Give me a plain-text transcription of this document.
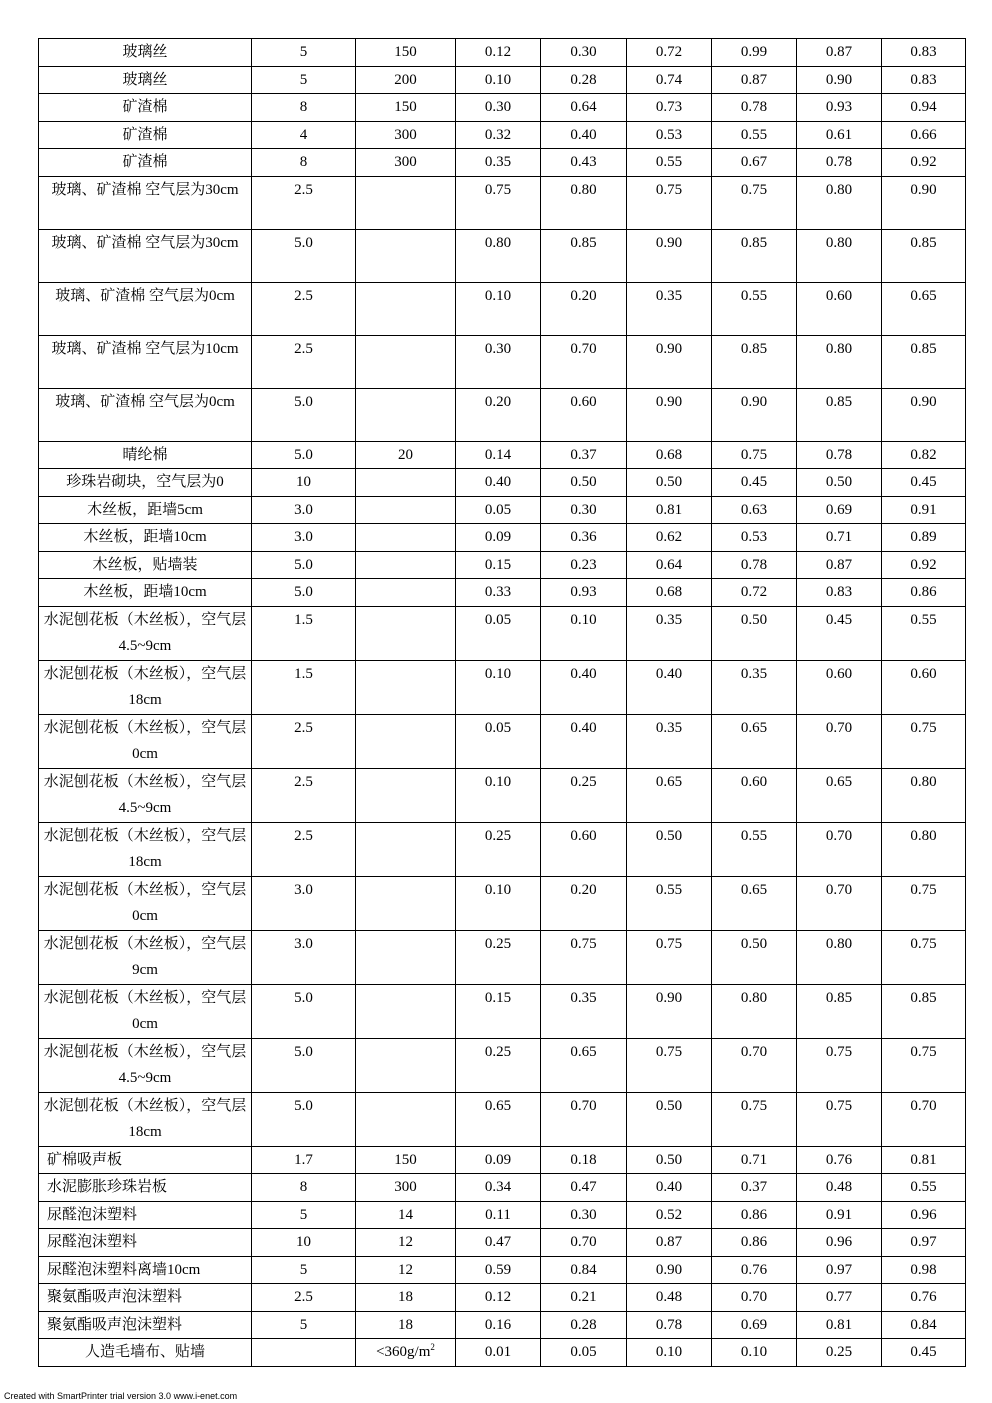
玻璃丝	5	150	0.12	0.30	0.72	0.99	0.87	0.83
玻璃丝	5	200	0.10	0.28	0.74	0.87	0.90	0.83
矿渣棉	8	150	0.30	0.64	0.73	0.78	0.93	0.94
矿渣棉	4	300	0.32	0.40	0.53	0.55	0.61	0.66
矿渣棉	8	300	0.35	0.43	0.55	0.67	0.78	0.92
玻璃、矿渣棉 空气层为30cm	2.5		0.75	0.80	0.75	0.75	0.80	0.90
玻璃、矿渣棉 空气层为30cm	5.0		0.80	0.85	0.90	0.85	0.80	0.85
玻璃、矿渣棉 空气层为0cm	2.5		0.10	0.20	0.35	0.55	0.60	0.65
玻璃、矿渣棉 空气层为10cm	2.5		0.30	0.70	0.90	0.85	0.80	0.85
玻璃、矿渣棉 空气层为0cm	5.0		0.20	0.60	0.90	0.90	0.85	0.90
晴纶棉	5.0	20	0.14	0.37	0.68	0.75	0.78	0.82
珍珠岩砌块，空气层为0	10		0.40	0.50	0.50	0.45	0.50	0.45
木丝板，距墙5cm	3.0		0.05	0.30	0.81	0.63	0.69	0.91
木丝板，距墙10cm	3.0		0.09	0.36	0.62	0.53	0.71	0.89
木丝板，贴墙装	5.0		0.15	0.23	0.64	0.78	0.87	0.92
木丝板，距墙10cm	5.0		0.33	0.93	0.68	0.72	0.83	0.86
水泥刨花板（木丝板），空气层4.5~9cm	1.5		0.05	0.10	0.35	0.50	0.45	0.55
水泥刨花板（木丝板），空气层18cm	1.5		0.10	0.40	0.40	0.35	0.60	0.60
水泥刨花板（木丝板），空气层0cm	2.5		0.05	0.40	0.35	0.65	0.70	0.75
水泥刨花板（木丝板），空气层4.5~9cm	2.5		0.10	0.25	0.65	0.60	0.65	0.80
水泥刨花板（木丝板），空气层18cm	2.5		0.25	0.60	0.50	0.55	0.70	0.80
水泥刨花板（木丝板），空气层0cm	3.0		0.10	0.20	0.55	0.65	0.70	0.75
水泥刨花板（木丝板），空气层9cm	3.0		0.25	0.75	0.75	0.50	0.80	0.75
水泥刨花板（木丝板），空气层0cm	5.0		0.15	0.35	0.90	0.80	0.85	0.85
水泥刨花板（木丝板），空气层4.5~9cm	5.0		0.25	0.65	0.75	0.70	0.75	0.75
水泥刨花板（木丝板），空气层18cm	5.0		0.65	0.70	0.50	0.75	0.75	0.70
矿棉吸声板	1.7	150	0.09	0.18	0.50	0.71	0.76	0.81
水泥膨胀珍珠岩板	8	300	0.34	0.47	0.40	0.37	0.48	0.55
尿醛泡沫塑料	5	14	0.11	0.30	0.52	0.86	0.91	0.96
尿醛泡沫塑料	10	12	0.47	0.70	0.87	0.86	0.96	0.97
尿醛泡沫塑料离墙10cm	5	12	0.59	0.84	0.90	0.76	0.97	0.98
聚氨酯吸声泡沫塑料	2.5	18	0.12	0.21	0.48	0.70	0.77	0.76
聚氨酯吸声泡沫塑料	5	18	0.16	0.28	0.78	0.69	0.81	0.84
人造毛墙布、贴墙		$<360g/m^2$	0.01	0.05	0.10	0.10	0.25	0.45
Created with SmartPrinter trial version 3.0 www.i-enet.com
